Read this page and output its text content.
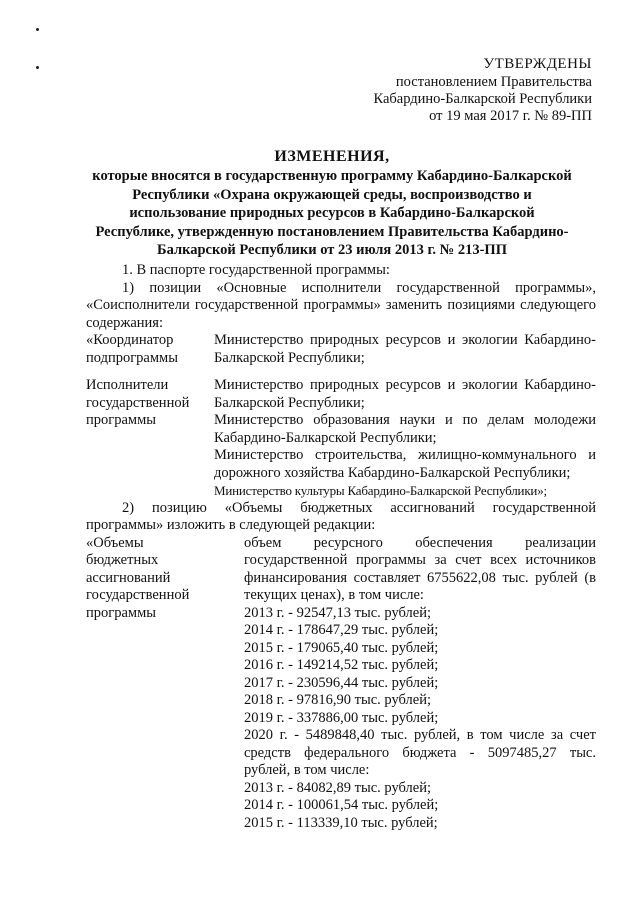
УТВЕРЖДЕНЫ
постановлением Правительства
Кабардино-Балкарской Республики
от 19 мая 2017 г. № 89-ПП
ИЗМЕНЕНИЯ,
которые вносятся в государственную программу Кабардино-Балкарской
Республики «Охрана окружающей среды, воспроизводство и
использование природных ресурсов в Кабардино-Балкарской
Республике, утвержденную постановлением Правительства Кабардино-
Балкарской Республики от 23 июля 2013 г. № 213-ПП
1. В паспорте государственной программы:
1) позиции «Основные исполнители государственной программы», «Соисполнители государственной программы» заменить позициями следующего содержания:
«Координатор
подпрограммы
Министерство природных ресурсов и экологии Кабардино-Балкарской Республики;
Исполнители
государственной
программы
Министерство природных ресурсов и экологии Кабардино-Балкарской Республики;
Министерство образования науки и по делам молодежи Кабардино-Балкарской Республики;
Министерство строительства, жилищно-коммунального и дорожного хозяйства Кабардино-Балкарской Республики;
Министерство культуры Кабардино-Балкарской Республики»;
2) позицию «Объемы бюджетных ассигнований государственной программы» изложить в следующей редакции:
«Объемы
бюджетных
ассигнований
государственной
программы
объем ресурсного обеспечения реализации государственной программы за счет всех источников финансирования составляет 6755622,08 тыс. рублей (в текущих ценах), в том числе:
2013 г. - 92547,13 тыс. рублей;
2014 г. - 178647,29 тыс. рублей;
2015 г. - 179065,40 тыс. рублей;
2016 г. - 149214,52 тыс. рублей;
2017 г. - 230596,44 тыс. рублей;
2018 г. - 97816,90 тыс. рублей;
2019 г. - 337886,00 тыс. рублей;
2020 г. - 5489848,40 тыс. рублей, в том числе за счет средств федерального бюджета - 5097485,27 тыс. рублей, в том числе:
2013 г. - 84082,89 тыс. рублей;
2014 г. - 100061,54 тыс. рублей;
2015 г. - 113339,10 тыс. рублей;
